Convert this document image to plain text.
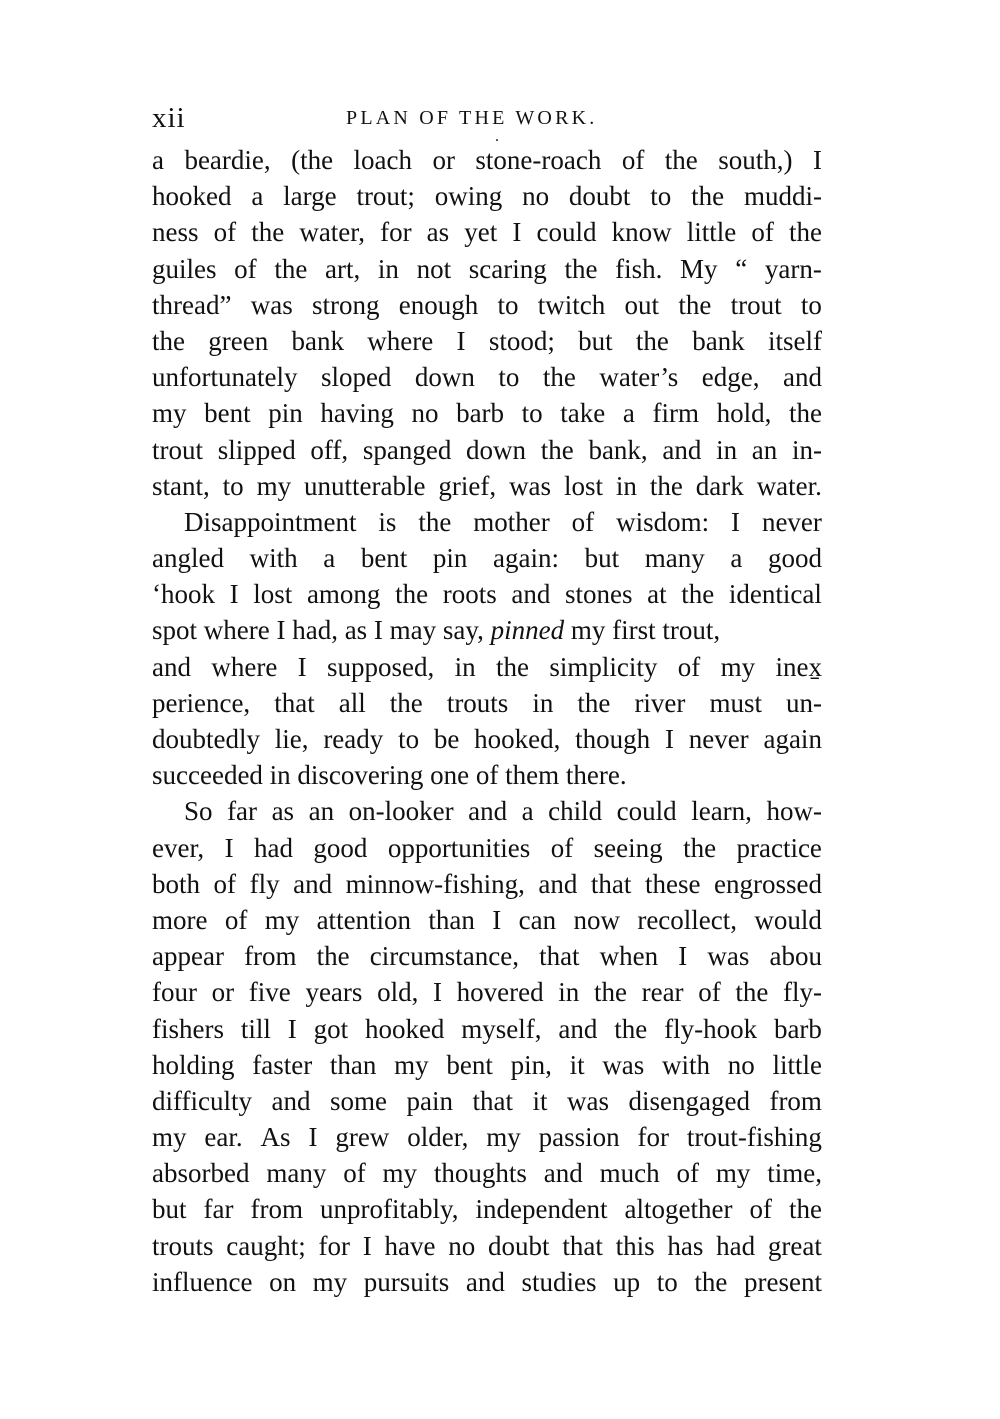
xii	PLAN OF THE WORK.
.
a beardie, (the loach or stone-roach of the south,) I
hooked a large trout; owing no doubt to the muddi-
ness of the water, for as yet I could know little of the
guiles of the art, in not scaring the fish. My “ yarn-
thread” was strong enough to twitch out the trout to
the green bank where I stood; but the bank itself
unfortunately sloped down to the water’s edge, and
my bent pin having no barb to take a firm hold, the
trout slipped off, spanged down the bank, and in an in-
stant, to my unutterable grief, was lost in the dark water.
Disappointment is the mother of wisdom: I never
angled with a bent pin again: but many a good
ʻhook I lost among the roots and stones at the identical
spot where I had, as I may say, pinned my first trout,
and where I supposed, in the simplicity of my inex̱
perience, that all the trouts in the river must un-
doubtedly lie, ready to be hooked, though I never again
succeeded in discovering one of them there.
So far as an on-looker and a child could learn, how-
ever, I had good opportunities of seeing the practice
both of fly and minnow-fishing, and that these engrossed
more of my attention than I can now recollect, would
appear from the circumstance, that when I was abou
four or five years old, I hovered in the rear of the fly-
fishers till I got hooked myself, and the fly-hook barb
holding faster than my bent pin, it was with no little
difficulty and some pain that it was disengaged from
my ear. As I grew older, my passion for trout-fishing
absorbed many of my thoughts and much of my time,
but far from unprofitably, independent altogether of the
trouts caught; for I have no doubt that this has had great
influence on my pursuits and studies up to the present
